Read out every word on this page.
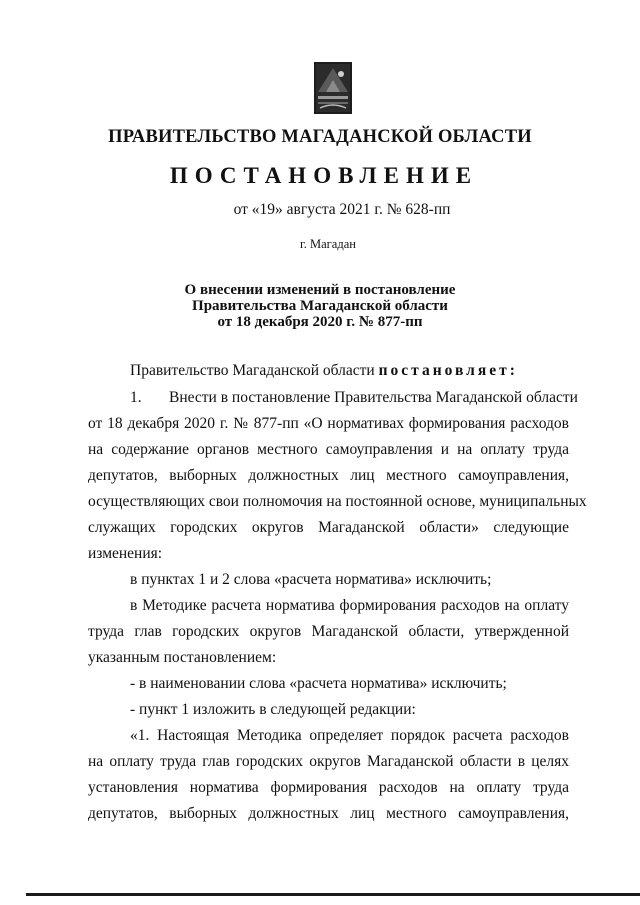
ПРАВИТЕЛЬСТВО МАГАДАНСКОЙ ОБЛАСТИ
ПОСТАНОВЛЕНИЕ
от «19» августа 2021 г. № 628-пп
г. Магадан
О внесении изменений в постановление
Правительства Магаданской области
от 18 декабря 2020 г. № 877-пп
Правительство Магаданской области постановляет:
1. Внести в постановление Правительства Магаданской области
от 18 декабря 2020 г. № 877-пп «О нормативах формирования расходов
на содержание органов местного самоуправления и на оплату труда
депутатов, выборных должностных лиц местного самоуправления,
осуществляющих свои полномочия на постоянной основе, муниципальных
служащих городских округов Магаданской области» следующие
изменения:
в пунктах 1 и 2 слова «расчета норматива» исключить;
в Методике расчета норматива формирования расходов на оплату
труда глав городских округов Магаданской области, утвержденной
указанным постановлением:
- в наименовании слова «расчета норматива» исключить;
- пункт 1 изложить в следующей редакции:
«1. Настоящая Методика определяет порядок расчета расходов
на оплату труда глав городских округов Магаданской области в целях
установления норматива формирования расходов на оплату труда
депутатов, выборных должностных лиц местного самоуправления,
